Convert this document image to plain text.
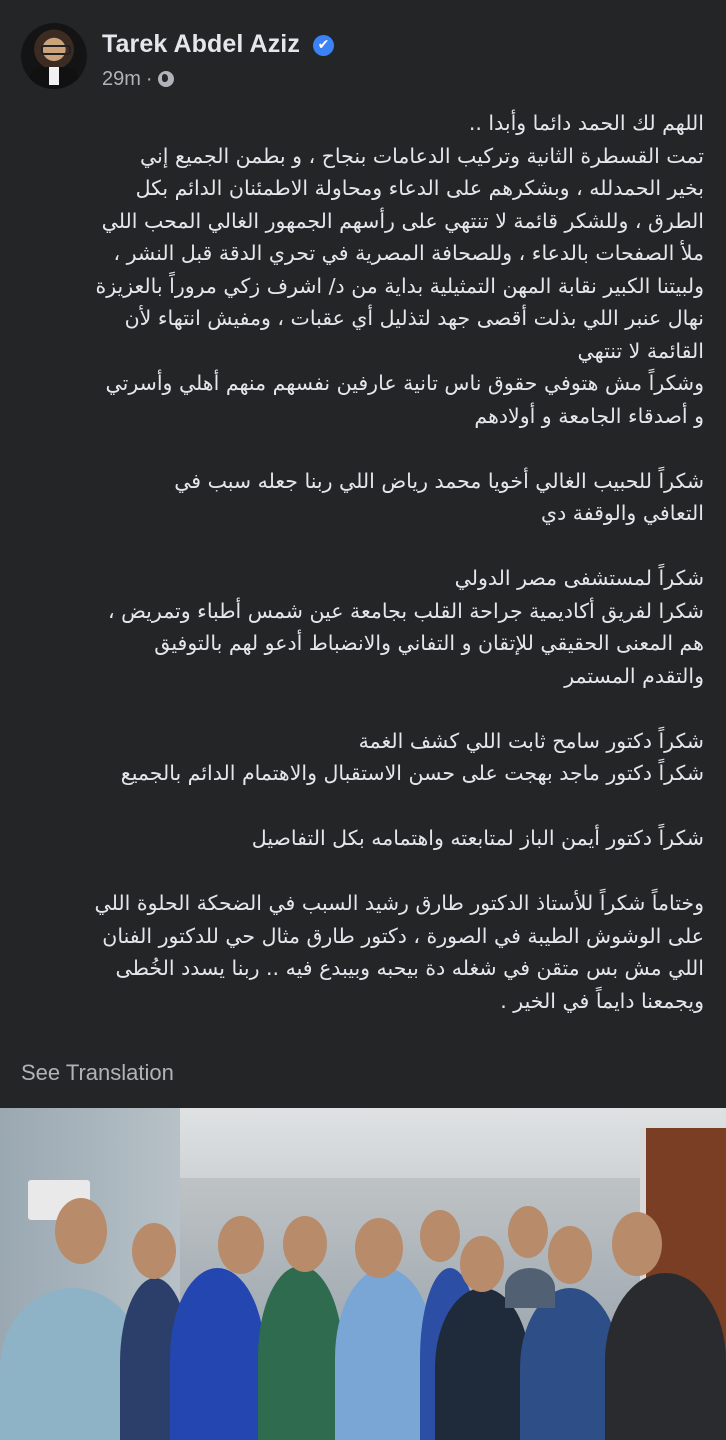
Tarek Abdel Aziz	✔
29m ·

اللهم لك الحمد دائما وأبدا ..

تمت القسطرة الثانية وتركيب الدعامات بنجاح ، و بطمن الجميع إني

بخير الحمدلله ، وبشكرهم على الدعاء ومحاولة الاطمئنان الدائم بكل

الطرق ، وللشكر قائمة لا تنتهي على رأسهم الجمهور الغالي المحب اللي

ملأ الصفحات بالدعاء ، وللصحافة المصرية في تحري الدقة قبل النشر ،

ولبيتنا الكبير نقابة المهن التمثيلية بداية من د/ اشرف زكي مروراً بالعزيزة

نهال عنبر اللي بذلت أقصى جهد لتذليل أي عقبات ، ومفيش انتهاء لأن

القائمة لا تنتهي

وشكراً مش هتوفي حقوق ناس تانية عارفين نفسهم منهم أهلي وأسرتي

و أصدقاء الجامعة و أولادهم

شكراً للحبيب الغالي أخويا محمد رياض اللي ربنا جعله سبب في

التعافي والوقفة دي

شكراً لمستشفى مصر الدولي

شكرا لفريق أكاديمية جراحة القلب بجامعة عين شمس أطباء وتمريض ،

هم المعنى الحقيقي للإتقان و التفاني والانضباط أدعو لهم بالتوفيق

والتقدم المستمر

شكراً دكتور سامح ثابت اللي كشف الغمة

شكراً دكتور ماجد بهجت على حسن الاستقبال والاهتمام الدائم بالجميع

شكراً دكتور أيمن الباز لمتابعته واهتمامه بكل التفاصيل

وختاماً شكراً للأستاذ الدكتور طارق رشيد السبب في الضحكة الحلوة اللي

على الوشوش الطيبة في الصورة ، دكتور طارق مثال حي للدكتور الفنان

اللي مش بس متقن في شغله دة بيحبه وبيبدع فيه .. ربنا يسدد الخُطى

ويجمعنا دايماً في الخير .

See Translation
